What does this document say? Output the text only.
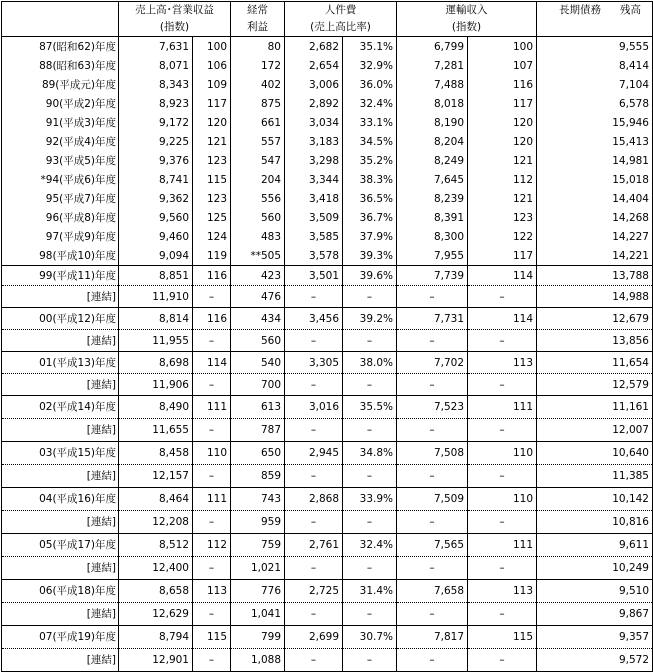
	売上高･営業収益		経常	人件費		運輸収入		長期債務 残高

	(指数)		利益	(売上高比率)		(指数)		
87(昭和62)年度	7,631	100	80	2,682	35.1%	6,799	100	9,555
88(昭和63)年度	8,071	106	172	2,654	32.9%	7,281	107	8,414
89(平成元)年度	8,343	109	402	3,006	36.0%	7,488	116	7,104
90(平成2)年度	8,923	117	875	2,892	32.4%	8,018	117	6,578
91(平成3)年度	9,172	120	661	3,034	33.1%	8,190	120	15,946
92(平成4)年度	9,225	121	557	3,183	34.5%	8,204	120	15,413
93(平成5)年度	9,376	123	547	3,298	35.2%	8,249	121	14,981
*94(平成6)年度	8,741	115	204	3,344	38.3%	7,645	112	15,018
95(平成7)年度	9,362	123	556	3,418	36.5%	8,239	121	14,404
96(平成8)年度	9,560	125	560	3,509	36.7%	8,391	123	14,268
97(平成9)年度	9,460	124	483	3,585	37.9%	8,300	122	14,227
98(平成10)年度	9,094	119	**505	3,578	39.3%	7,955	117	14,221
99(平成11)年度	8,851	116	423	3,501	39.6%	7,739	114	13,788
[連結]	11,910	–	476	–	–	–	–	14,988
00(平成12)年度	8,814	116	434	3,456	39.2%	7,731	114	12,679
[連結]	11,955	–	560	–	–	–	–	13,856
01(平成13)年度	8,698	114	540	3,305	38.0%	7,702	113	11,654
[連結]	11,906	–	700	–	–	–	–	12,579
02(平成14)年度	8,490	111	613	3,016	35.5%	7,523	111	11,161
[連結]	11,655	–	787	–	–	–	–	12,007
03(平成15)年度	8,458	110	650	2,945	34.8%	7,508	110	10,640
[連結]	12,157	–	859	–	–	–	–	11,385
04(平成16)年度	8,464	111	743	2,868	33.9%	7,509	110	10,142
[連結]	12,208	–	959	–	–	–	–	10,816
05(平成17)年度	8,512	112	759	2,761	32.4%	7,565	111	9,611
[連結]	12,400	–	1,021	–	–	–	–	10,249
06(平成18)年度	8,658	113	776	2,725	31.4%	7,658	113	9,510
[連結]	12,629	–	1,041	–	–	–	–	9,867
07(平成19)年度	8,794	115	799	2,699	30.7%	7,817	115	9,357
[連結]	12,901	–	1,088	–	–	–	–	9,572
